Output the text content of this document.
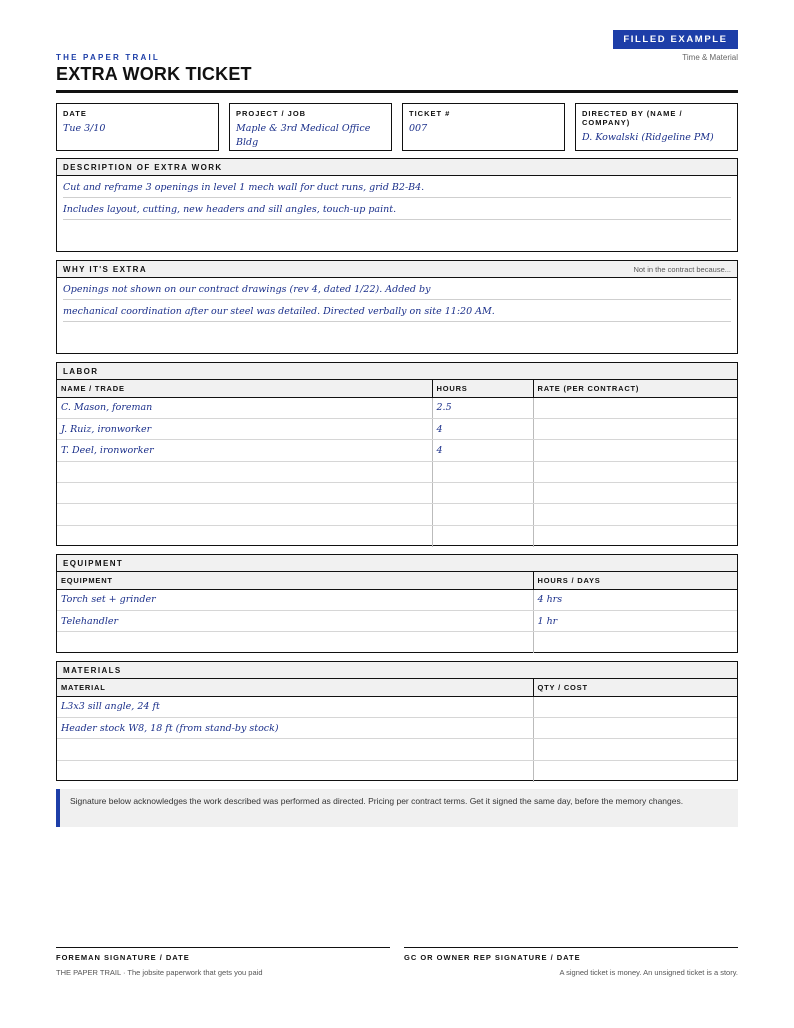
FILLED EXAMPLE
Time & Material
THE PAPER TRAIL
EXTRA WORK TICKET
DATE
Tue 3/10
PROJECT / JOB
Maple & 3rd Medical Office Bldg
TICKET #
007
DIRECTED BY (NAME / COMPANY)
D. Kowalski (Ridgeline PM)
DESCRIPTION OF EXTRA WORK
Cut and reframe 3 openings in level 1 mech wall for duct runs, grid B2-B4.
Includes layout, cutting, new headers and sill angles, touch-up paint.
WHY IT'S EXTRA	Not in the contract because...
Openings not shown on our contract drawings (rev 4, dated 1/22). Added by
mechanical coordination after our steel was detailed. Directed verbally on site 11:20 AM.
LABOR
NAME / TRADE	HOURS	RATE (PER CONTRACT)
C. Mason, foreman	2.5	
J. Ruiz, ironworker	4	
T. Deel, ironworker	4	

EQUIPMENT
EQUIPMENT	HOURS / DAYS
Torch set + grinder	4 hrs
Telehandler	1 hr

MATERIALS
MATERIAL	QTY / COST
L3x3 sill angle, 24 ft	
Header stock W8, 18 ft (from stand-by stock)	

Signature below acknowledges the work described was performed as directed. Pricing per contract terms. Get it signed the same day, before the memory changes.
FOREMAN SIGNATURE / DATE	GC OR OWNER REP SIGNATURE / DATE
THE PAPER TRAIL · The jobsite paperwork that gets you paid	A signed ticket is money. An unsigned ticket is a story.
